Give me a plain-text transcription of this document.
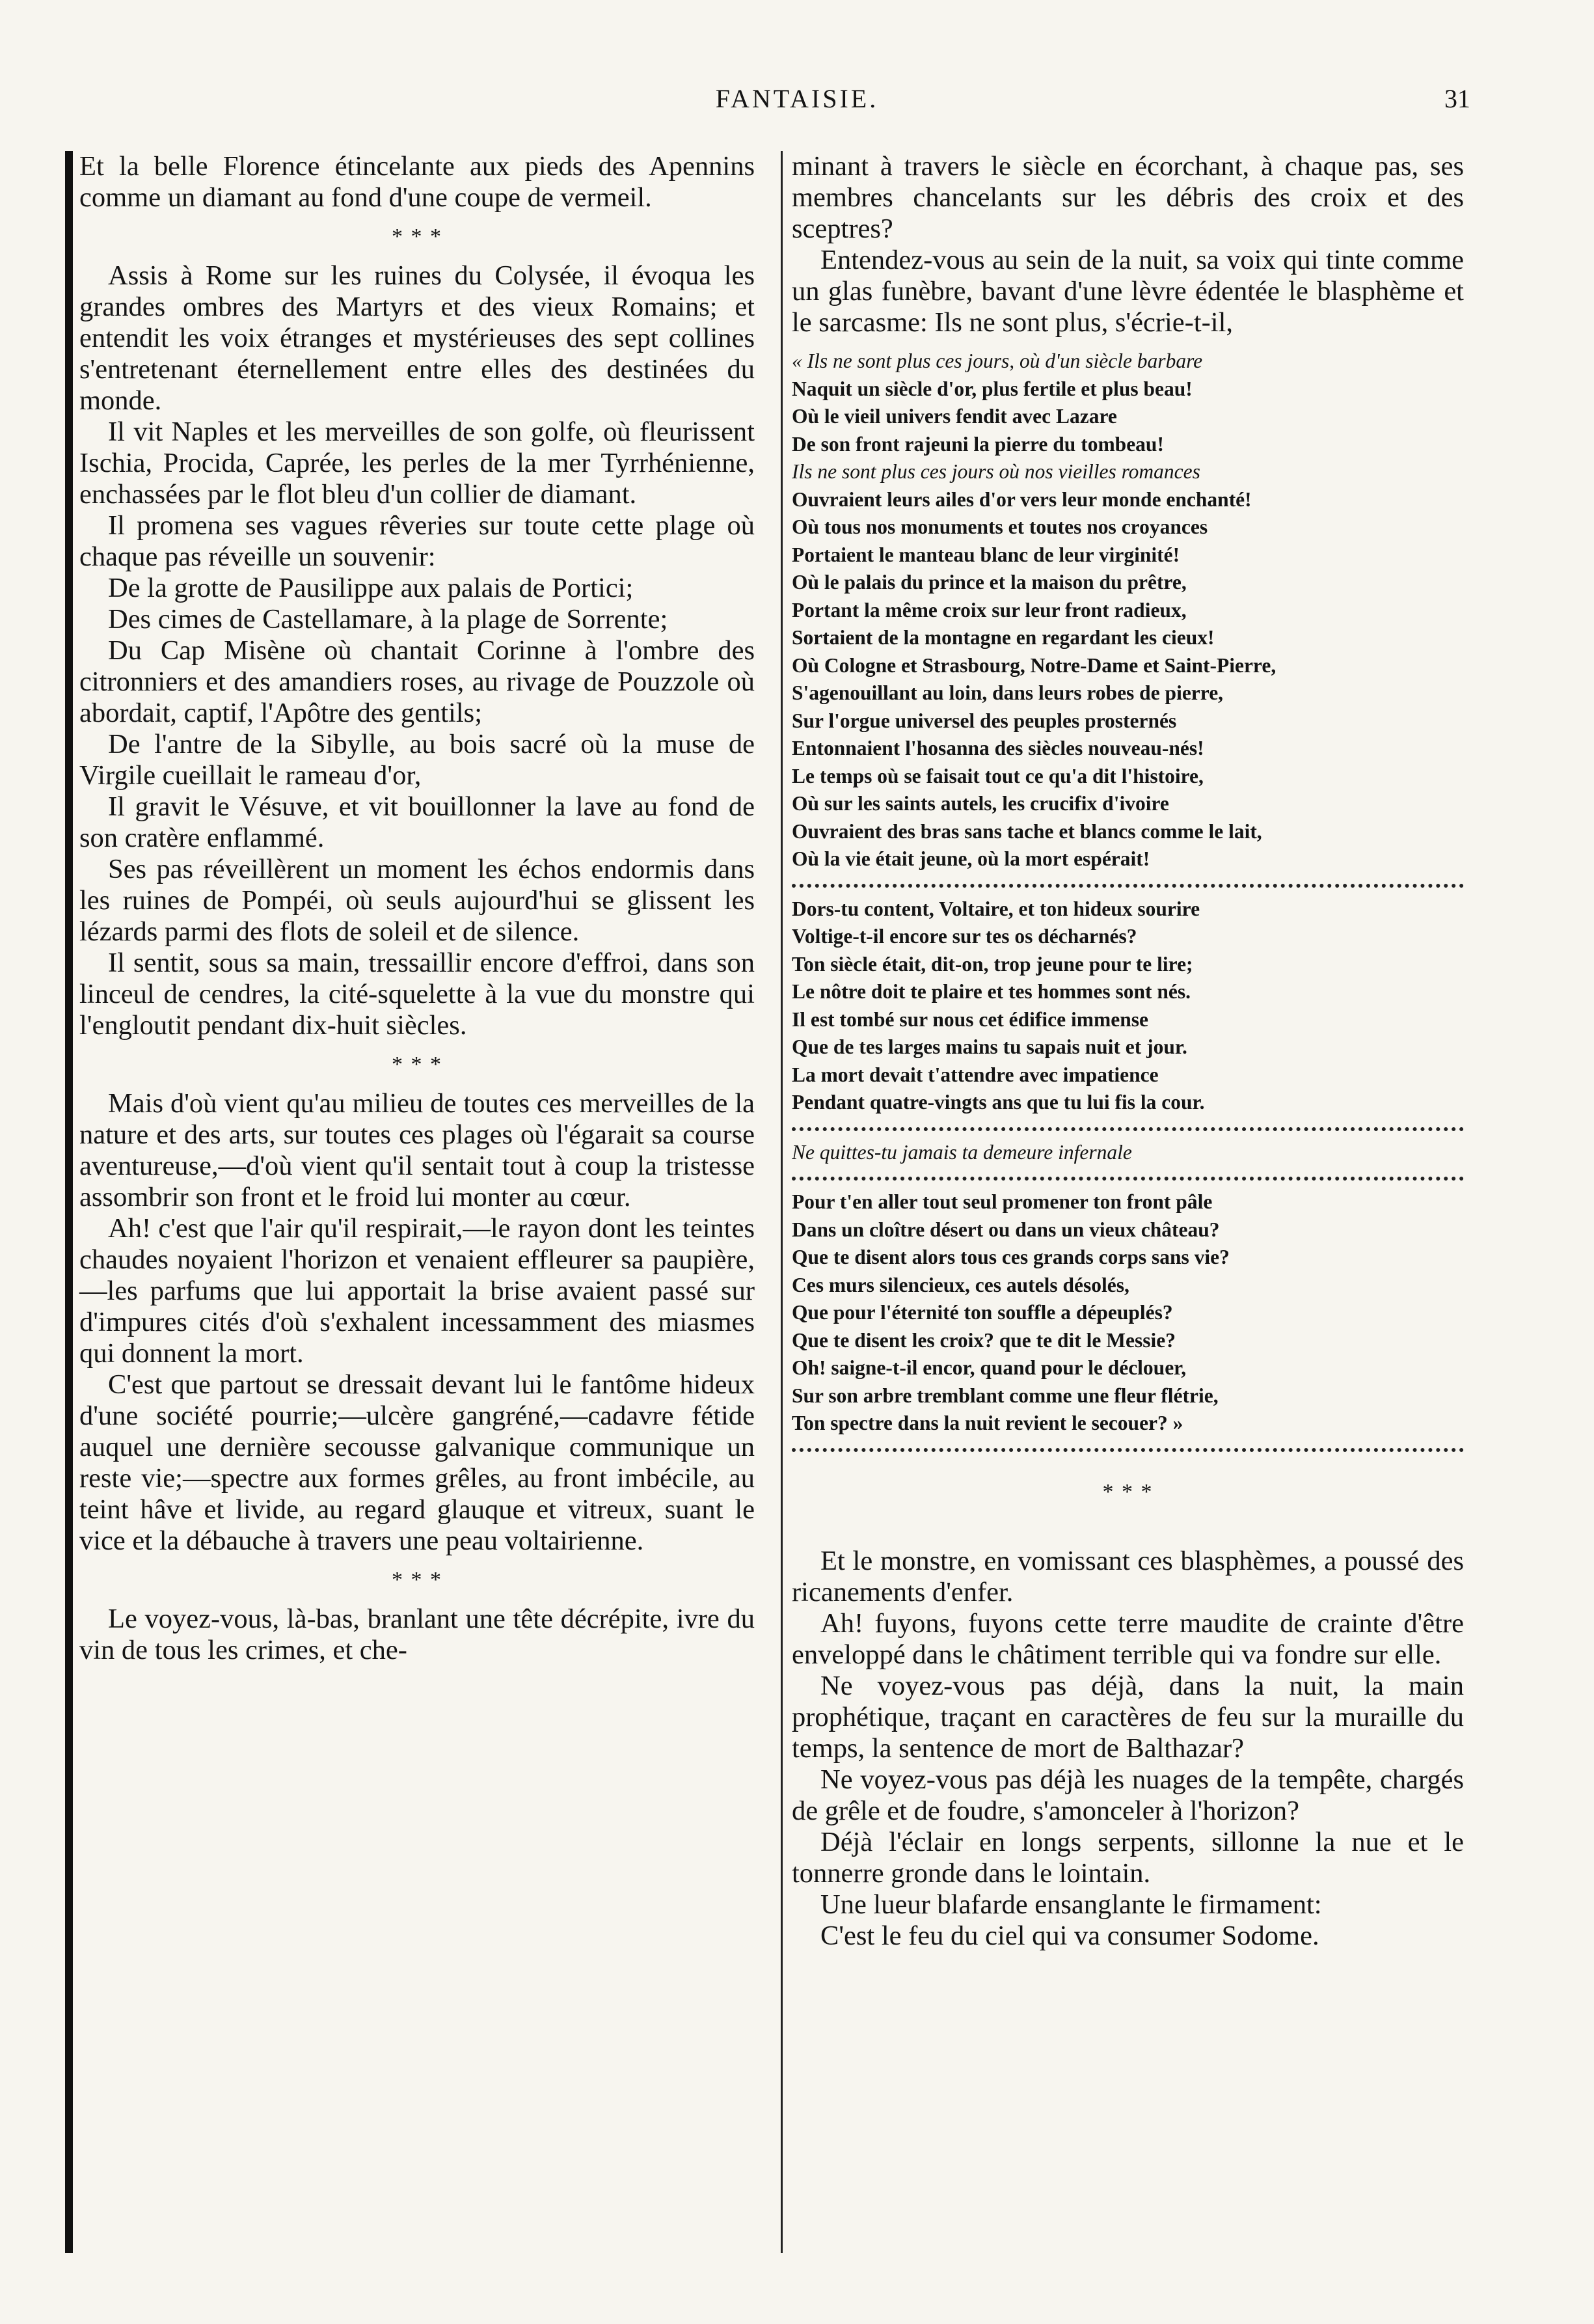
FANTAISIE.	31

Et la belle Florence étincelante aux pieds des Apennins comme un diamant au fond d'une coupe de vermeil.

* * *

Assis à Rome sur les ruines du Colysée, il évoqua les grandes ombres des Martyrs et des vieux Romains; et entendit les voix étranges et mystérieuses des sept collines s'entretenant éternellement entre elles des destinées du monde.

Il vit Naples et les merveilles de son golfe, où fleurissent Ischia, Procida, Caprée, les perles de la mer Tyrrhénienne, enchassées par le flot bleu d'un collier de diamant.

Il promena ses vagues rêveries sur toute cette plage où chaque pas réveille un souvenir:

De la grotte de Pausilippe aux palais de Portici;

Des cimes de Castellamare, à la plage de Sorrente;

Du Cap Misène où chantait Corinne à l'ombre des citronniers et des amandiers roses, au rivage de Pouzzole où abordait, captif, l'Apôtre des gentils;

De l'antre de la Sibylle, au bois sacré où la muse de Virgile cueillait le rameau d'or,

Il gravit le Vésuve, et vit bouillonner la lave au fond de son cratère enflammé.

Ses pas réveillèrent un moment les échos endormis dans les ruines de Pompéi, où seuls aujourd'hui se glissent les lézards parmi des flots de soleil et de silence.

Il sentit, sous sa main, tressaillir encore d'effroi, dans son linceul de cendres, la cité-squelette à la vue du monstre qui l'engloutit pendant dix-huit siècles.

* * *

Mais d'où vient qu'au milieu de toutes ces merveilles de la nature et des arts, sur toutes ces plages où l'égarait sa course aventureuse,—d'où vient qu'il sentait tout à coup la tristesse assombrir son front et le froid lui monter au cœur.

Ah! c'est que l'air qu'il respirait,—le rayon dont les teintes chaudes noyaient l'horizon et venaient effleurer sa paupière,—les parfums que lui apportait la brise avaient passé sur d'impures cités d'où s'exhalent incessamment des miasmes qui donnent la mort.

C'est que partout se dressait devant lui le fantôme hideux d'une société pourrie;—ulcère gangréné,—cadavre fétide auquel une dernière secousse galvanique communique un reste vie;—spectre aux formes grêles, au front imbécile, au teint hâve et livide, au regard glauque et vitreux, suant le vice et la débauche à travers une peau voltairienne.

* * *

Le voyez-vous, là-bas, branlant une tête décrépite, ivre du vin de tous les crimes, et che-

minant à travers le siècle en écorchant, à chaque pas, ses membres chancelants sur les débris des croix et des sceptres?

Entendez-vous au sein de la nuit, sa voix qui tinte comme un glas funèbre, bavant d'une lèvre édentée le blasphème et le sarcasme: Ils ne sont plus, s'écrie-t-il,

« Ils ne sont plus ces jours, où d'un siècle barbare
Naquit un siècle d'or, plus fertile et plus beau!
Où le vieil univers fendit avec Lazare
De son front rajeuni la pierre du tombeau!
Ils ne sont plus ces jours où nos vieilles romances
Ouvraient leurs ailes d'or vers leur monde enchanté!
Où tous nos monuments et toutes nos croyances
Portaient le manteau blanc de leur virginité!
Où le palais du prince et la maison du prêtre,
Portant la même croix sur leur front radieux,
Sortaient de la montagne en regardant les cieux!
Où Cologne et Strasbourg, Notre-Dame et Saint-Pierre,
S'agenouillant au loin, dans leurs robes de pierre,
Sur l'orgue universel des peuples prosternés
Entonnaient l'hosanna des siècles nouveau-nés!
Le temps où se faisait tout ce qu'a dit l'histoire,
Où sur les saints autels, les crucifix d'ivoire
Ouvraient des bras sans tache et blancs comme le lait,
Où la vie était jeune, où la mort espérait!
Dors-tu content, Voltaire, et ton hideux sourire
Voltige-t-il encore sur tes os décharnés?
Ton siècle était, dit-on, trop jeune pour te lire;
Le nôtre doit te plaire et tes hommes sont nés.
Il est tombé sur nous cet édifice immense
Que de tes larges mains tu sapais nuit et jour.
La mort devait t'attendre avec impatience
Pendant quatre-vingts ans que tu lui fis la cour.
Ne quittes-tu jamais ta demeure infernale
Pour t'en aller tout seul promener ton front pâle
Dans un cloître désert ou dans un vieux château?
Que te disent alors tous ces grands corps sans vie?
Ces murs silencieux, ces autels désolés,
Que pour l'éternité ton souffle a dépeuplés?
Que te disent les croix? que te dit le Messie?
Oh! saigne-t-il encor, quand pour le déclouer,
Sur son arbre tremblant comme une fleur flétrie,
Ton spectre dans la nuit revient le secouer? »
* * *

Et le monstre, en vomissant ces blasphèmes, a poussé des ricanements d'enfer.

Ah! fuyons, fuyons cette terre maudite de crainte d'être enveloppé dans le châtiment terrible qui va fondre sur elle.

Ne voyez-vous pas déjà, dans la nuit, la main prophétique, traçant en caractères de feu sur la muraille du temps, la sentence de mort de Balthazar?

Ne voyez-vous pas déjà les nuages de la tempête, chargés de grêle et de foudre, s'amonceler à l'horizon?

Déjà l'éclair en longs serpents, sillonne la nue et le tonnerre gronde dans le lointain.

Une lueur blafarde ensanglante le firmament:

C'est le feu du ciel qui va consumer Sodome.
